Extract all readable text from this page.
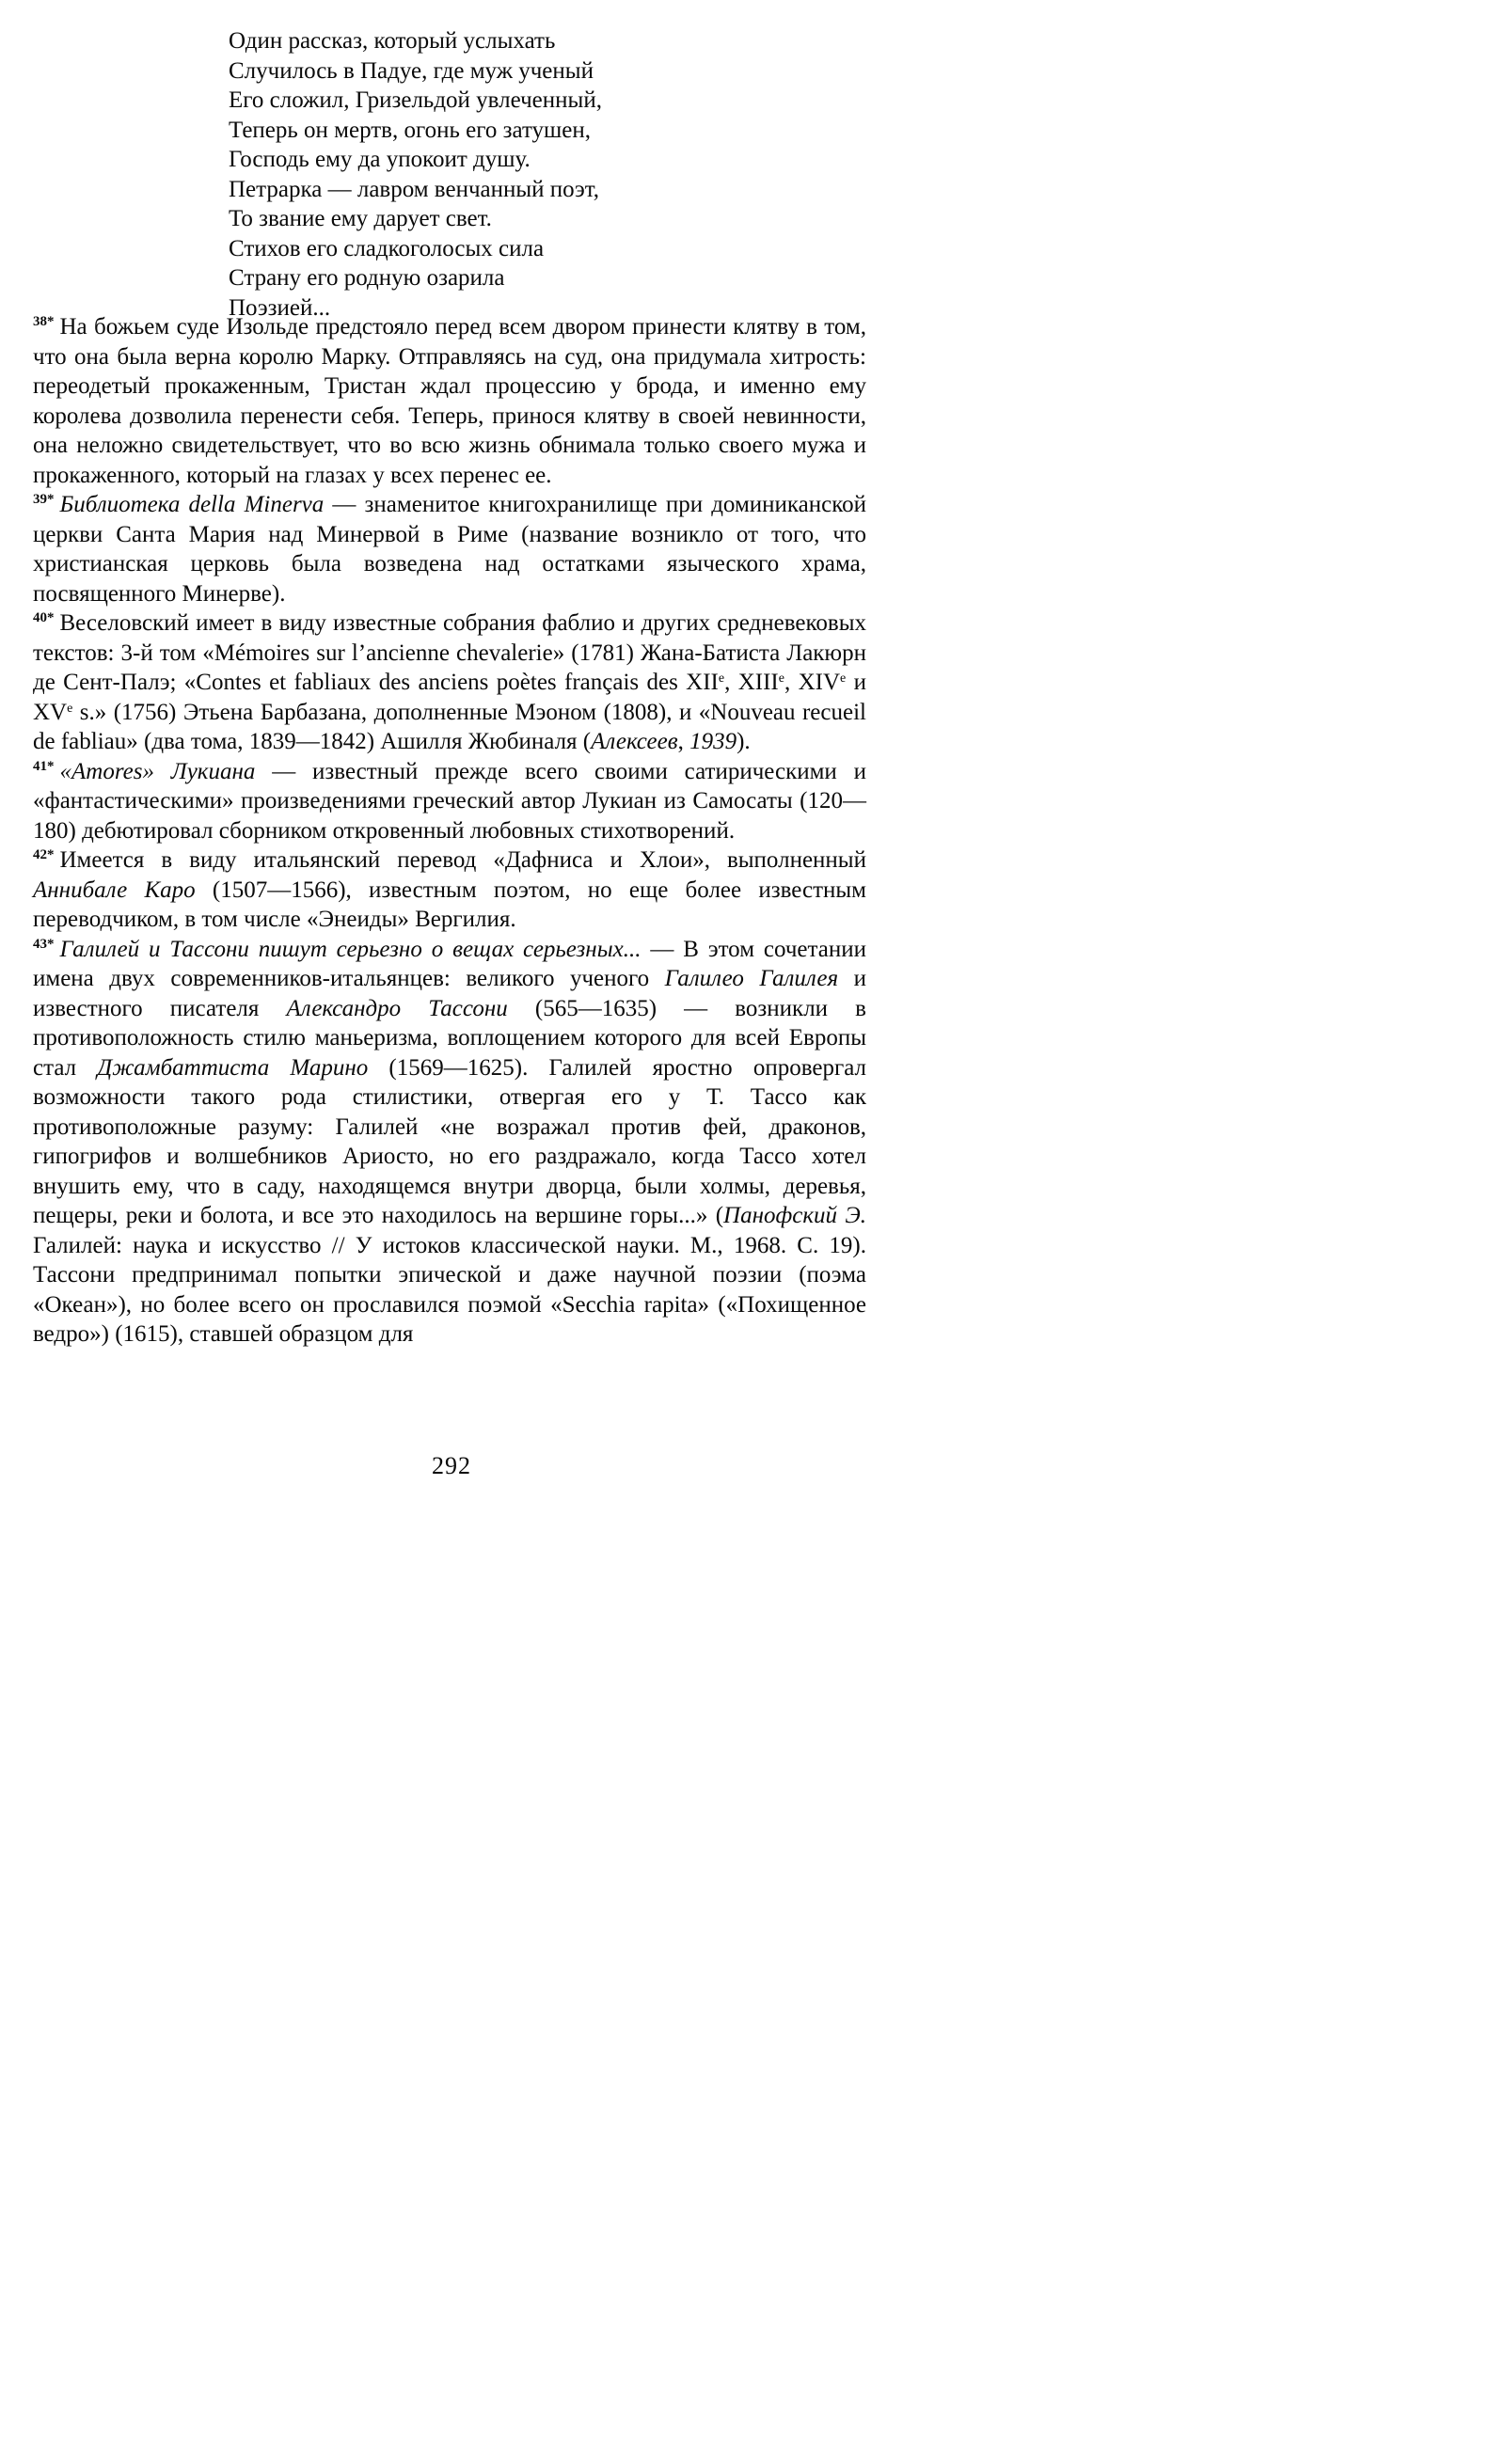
Один рассказ, который услыхать
Случилось в Падуе, где муж ученый
Его сложил, Гризельдой увлеченный,
Теперь он мертв, огонь его затушен,
Господь ему да упокоит душу.
Петрарка — лавром венчанный поэт,
То звание ему дарует свет.
Стихов его сладкоголосых сила
Страну его родную озарила
Поэзией...

$^{38*}$ На божьем суде Изольде предстояло перед всем двором принести клятву в том, что она была верна королю Марку. Отправляясь на суд, она придумала хитрость: переодетый прокаженным, Тристан ждал процессию у брода, и именно ему королева дозволила перенести себя. Теперь, принося клятву в своей невинности, она неложно свидетельствует, что во всю жизнь обнимала только своего мужа и прокаженного, который на глазах у всех перенес ее.

$^{39*}$ Библиотека della Minerva — знаменитое книгохранилище при доминиканской церкви Санта Мария над Минервой в Риме (название возникло от того, что христианская церковь была возведена над остатками языческого храма, посвященного Минерве).

$^{40*}$ Веселовский имеет в виду известные собрания фаблио и других средневековых текстов: 3-й том «Mémoires sur l’ancienne chevalerie» (1781) Жана-Батиста Лакюрн де Сент-Палэ; «Contes et fabliaux des anciens poètes français des XIIe, XIIIe, XIVe и XVe s.» (1756) Этьена Барбазана, дополненные Мэоном (1808), и «Nouveau recueil de fabliau» (два тома, 1839—1842) Ашилля Жюбиналя (Алексеев, 1939).

$^{41*}$ «Amores» Лукиана — известный прежде всего своими сатирическими и «фантастическими» произведениями греческий автор Лукиан из Самосаты (120—180) дебютировал сборником откровенный любовных стихотворений.

$^{42*}$ Имеется в виду итальянский перевод «Дафниса и Хлои», выполненный Аннибале Каро (1507—1566), известным поэтом, но еще более известным переводчиком, в том числе «Энеиды» Вергилия.

$^{43*}$ Галилей и Тассони пишут серьезно о вещах серьезных... — В этом сочетании имена двух современников-итальянцев: великого ученого Галилео Галилея и известного писателя Александро Тассони (565—1635) — возникли в противоположность стилю маньеризма, воплощением которого для всей Европы стал Джамбаттиста Марино (1569—1625). Галилей яростно опровергал возможности такого рода стилистики, отвергая его у Т. Тассо как противоположные разуму: Галилей «не возражал против фей, драконов, гипогрифов и волшебников Ариосто, но его раздражало, когда Тассо хотел внушить ему, что в саду, находящемся внутри дворца, были холмы, деревья, пещеры, реки и болота, и все это находилось на вершине горы...» (Панофский Э. Галилей: наука и искусство // У истоков классической науки. М., 1968. С. 19). Тассони предпринимал попытки эпической и даже научной поэзии (поэма «Океан»), но более всего он прославился поэмой «Secchia rapita» («Похищенное ведро») (1615), ставшей образцом для

292
